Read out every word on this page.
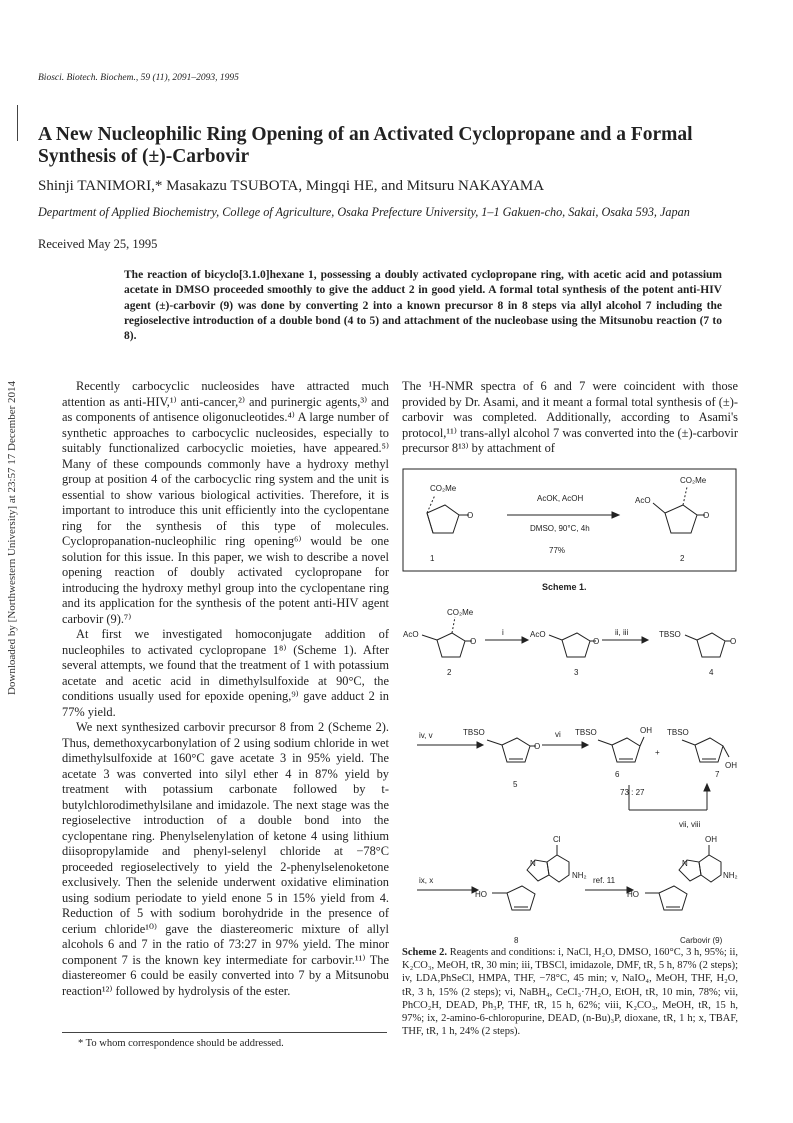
Biosci. Biotech. Biochem., 59 (11), 2091–2093, 1995
Downloaded by [Northwestern University] at 23:57 17 December 2014
A New Nucleophilic Ring Opening of an Activated Cyclopropane and a Formal Synthesis of (±)-Carbovir
Shinji TANIMORI,* Masakazu TSUBOTA, Mingqi HE, and Mitsuru NAKAYAMA
Department of Applied Biochemistry, College of Agriculture, Osaka Prefecture University, 1–1 Gakuen-cho, Sakai, Osaka 593, Japan
Received May 25, 1995
The reaction of bicyclo[3.1.0]hexane 1, possessing a doubly activated cyclopropane ring, with acetic acid and potassium acetate in DMSO proceeded smoothly to give the adduct 2 in good yield. A formal total synthesis of the potent anti-HIV agent (±)-carbovir (9) was done by converting 2 into a known precursor 8 in 8 steps via allyl alcohol 7 including the regioselective introduction of a double bond (4 to 5) and attachment of the nucleobase using the Mitsunobu reaction (7 to 8).

Recently carbocyclic nucleosides have attracted much attention as anti-HIV,¹⁾ anti-cancer,²⁾ and purinergic agents,³⁾ and as components of antisence oligonucleotides.⁴⁾ A large number of synthetic approaches to carbocyclic nucleosides, especially to suitably functionalized carbocyclic moieties, have appeared.⁵⁾ Many of these compounds commonly have a hydroxy methyl group at position 4 of the carbocyclic ring system and the unit is essential to show various biological activities. Therefore, it is important to introduce this unit efficiently into the cyclopentane ring for the synthesis of this type of molecules. Cyclopropanation-nucleophilic ring opening⁶⁾ would be one solution for this issue. In this paper, we wish to describe a novel opening reaction of doubly activated cyclopropane for introducing the hydroxy methyl group into the cyclopentane ring and its application for the synthesis of the potent anti-HIV agent carbovir (9).⁷⁾

At first we investigated homoconjugate addition of nucleophiles to activated cyclopropane 1⁸⁾ (Scheme 1). After several attempts, we found that the treatment of 1 with potassium acetate and acetic acid in dimethylsulfoxide at 90°C, the conditions usually used for epoxide opening,⁹⁾ gave adduct 2 in 77% yield.

We next synthesized carbovir precursor 8 from 2 (Scheme 2). Thus, demethoxycarbonylation of 2 using sodium chloride in wet dimethylsulfoxide at 160°C gave acetate 3 in 95% yield. The acetate 3 was converted into silyl ether 4 in 87% yield by treatment with potassium carbonate followed by t-butylchlorodimethylsilane and imidazole. The next stage was the regioselective introduction of a double bond into the cyclopentane ring. Phenylselenylation of ketone 4 using lithium diisopropylamide and phenyl-selenyl chloride at −78°C proceeded regioselectively to yield the 2-phenylselenoketone exclusively. Then the selenide underwent oxidative elimination using sodium periodate to yield enone 5 in 15% yield from 4. Reduction of 5 with sodium borohydride in the presence of cerium chloride¹⁰⁾ gave the diastereomeric mixture of allyl alcohols 6 and 7 in the ratio of 73:27 in 97% yield. The minor component 7 is the known key intermediate for carbovir.¹¹⁾ The diastereomer 6 could be easily converted into 7 by a Mitsunobu reaction¹²⁾ followed by hydrolysis of the ester.

The ¹H-NMR spectra of 6 and 7 were coincident with those provided by Dr. Asami, and it meant a formal total synthesis of (±)-carbovir was completed. Additionally, according to Asami's protocol,¹¹⁾ trans-allyl alcohol 7 was converted into the (±)-carbovir precursor 8¹³⁾ by attachment of

CO₂Me
O
AcOK, AcOH
DMSO, 90°C, 4h
77%
1
CO₂Me
AcO
O
2
AcO
CO₂Me
O
i	AcO
O
ii, iii	TBSO
O
2	3	4
iv, v	TBSO
O
vi TBSO	OH
+
TBSO
OH
5
6	7
73 : 27
vii, viii
ix, x
HO
Cl
N
NH₂
ref. 11
HO
OH
N
NH₂
8	Carbovir (9)
Scheme 1.
Scheme 2. Reagents and conditions: i, NaCl, H₂O, DMSO, 160°C, 3 h, 95%; ii, K₂CO₃, MeOH, tR, 30 min; iii, TBSCl, imidazole, DMF, tR, 5 h, 87% (2 steps); iv, LDA,PhSeCl, HMPA, THF, −78°C, 45 min; v, NaIO₄, MeOH, THF, H₂O, tR, 3 h, 15% (2 steps); vi, NaBH₄, CeCl₃·7H₂O, EtOH, tR, 10 min, 78%; vii, PhCO₂H, DEAD, Ph₃P, THF, tR, 15 h, 62%; viii, K₂CO₃, MeOH, tR, 15 h, 97%; ix, 2-amino-6-chloropurine, DEAD, (n-Bu)₃P, dioxane, tR, 1 h; x, TBAF, THF, tR, 1 h, 24% (2 steps).
* To whom correspondence should be addressed.
